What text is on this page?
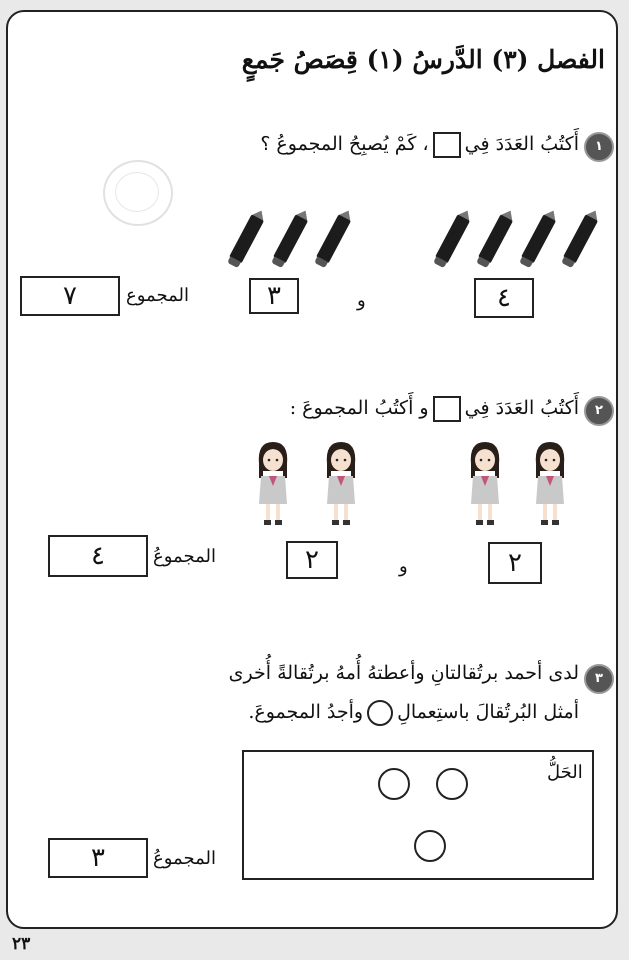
الفصل (٣) الدَّرسُ (١) قِصَصُ جَمعٍ
١
أَكتُبُ العَدَدَ فِي، كَمْ يُصبِحُ المجموعُ ؟
٤
و
٣
المجموع
٧
٢
أَكتُبُ العَدَدَ فِيو أَكتُبُ المجموعَ :
٢
و
٢
المجموعُ
٤
٣
لدى أحمد برتُقالتانِ وأعطتهُ أُمهُ برتُقالةً أُخرى
أمثل البُرتُقالَ باستِعمالِوأجدُ المجموعَ.
الحَلُّ
المجموعُ
٣
٢٣
